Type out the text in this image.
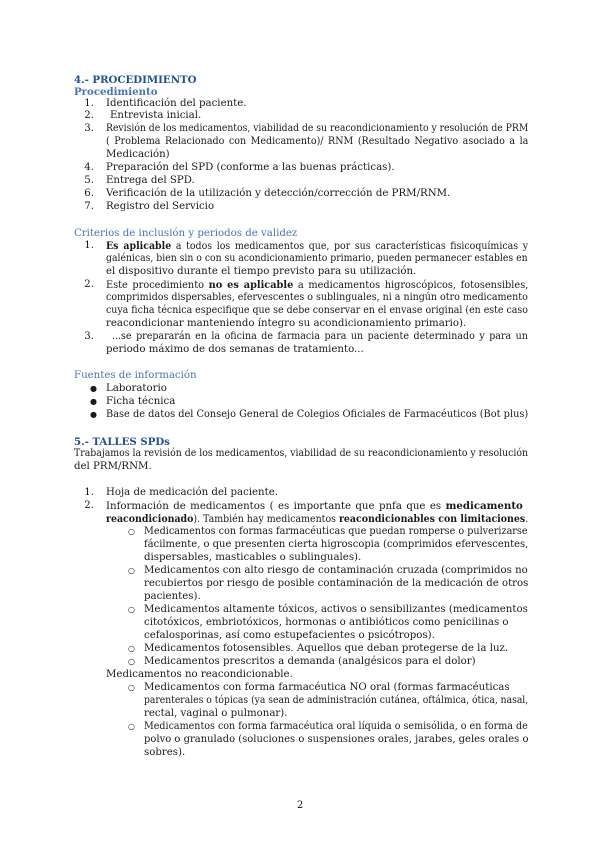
4.- PROCEDIMIENTO
Procedimiento
1. Identificación del paciente.
2. Entrevista inicial.
3. Revisión de los medicamentos, viabilidad de su reacondicionamiento y resolución de PRM
( Problema Relacionado con Medicamento)/ RNM (Resultado Negativo asociado a la
Medicación)
4. Preparación del SPD (conforme a las buenas prácticas).
5. Entrega del SPD.
6. Verificación de la utilización y detección/corrección de PRM/RNM.
7. Registro del Servicio
Criterios de inclusión y periodos de validez
1. Es aplicable a todos los medicamentos que, por sus características fisicoquímicas y
galénicas, bien sin o con su acondicionamiento primario, pueden permanecer estables en
el dispositivo durante el tiempo previsto para su utilización.
2. Este procedimiento no es aplicable a medicamentos higroscópicos, fotosensibles,
comprimidos dispersables, efervescentes o sublinguales, ni a ningún otro medicamento
cuya ficha técnica especifique que se debe conservar en el envase original (en este caso
reacondicionar manteniendo íntegro su acondicionamiento primario).
3. ...se prepararán en la oficina de farmacia para un paciente determinado y para un
periodo máximo de dos semanas de tratamiento...
Fuentes de información
● Laboratorio
● Ficha técnica
● Base de datos del Consejo General de Colegios Oficiales de Farmacéuticos (Bot plus)
5.- TALLES SPDs
Trabajamos la revisión de los medicamentos, viabilidad de su reacondicionamiento y resolución
del PRM/RNM.
1. Hoja de medicación del paciente.
2. Información de medicamentos ( es importante que pnfa que es medicamento
reacondicionado). También hay medicamentos reacondicionables con limitaciones.
○ Medicamentos con formas farmacéuticas que puedan romperse o pulverizarse
fácilmente, o que presenten cierta higroscopia (comprimidos efervescentes,
dispersables, masticables o sublinguales).
○ Medicamentos con alto riesgo de contaminación cruzada (comprimidos no
recubiertos por riesgo de posible contaminación de la medicación de otros
pacientes).
○ Medicamentos altamente tóxicos, activos o sensibilizantes (medicamentos
citotóxicos, embriotóxicos, hormonas o antibióticos como penicilinas o
cefalosporinas, así como estupefacientes o psicótropos).
○ Medicamentos fotosensibles. Aquellos que deban protegerse de la luz.
○ Medicamentos prescritos a demanda (analgésicos para el dolor)
Medicamentos no reacondicionable.
○ Medicamentos con forma farmacéutica NO oral (formas farmacéuticas
parenterales o tópicas (ya sean de administración cutánea, oftálmica, ótica, nasal,
rectal, vaginal o pulmonar).
○ Medicamentos con forma farmacéutica oral líquida o semisólida, o en forma de
polvo o granulado (soluciones o suspensiones orales, jarabes, geles orales o
sobres).
2
